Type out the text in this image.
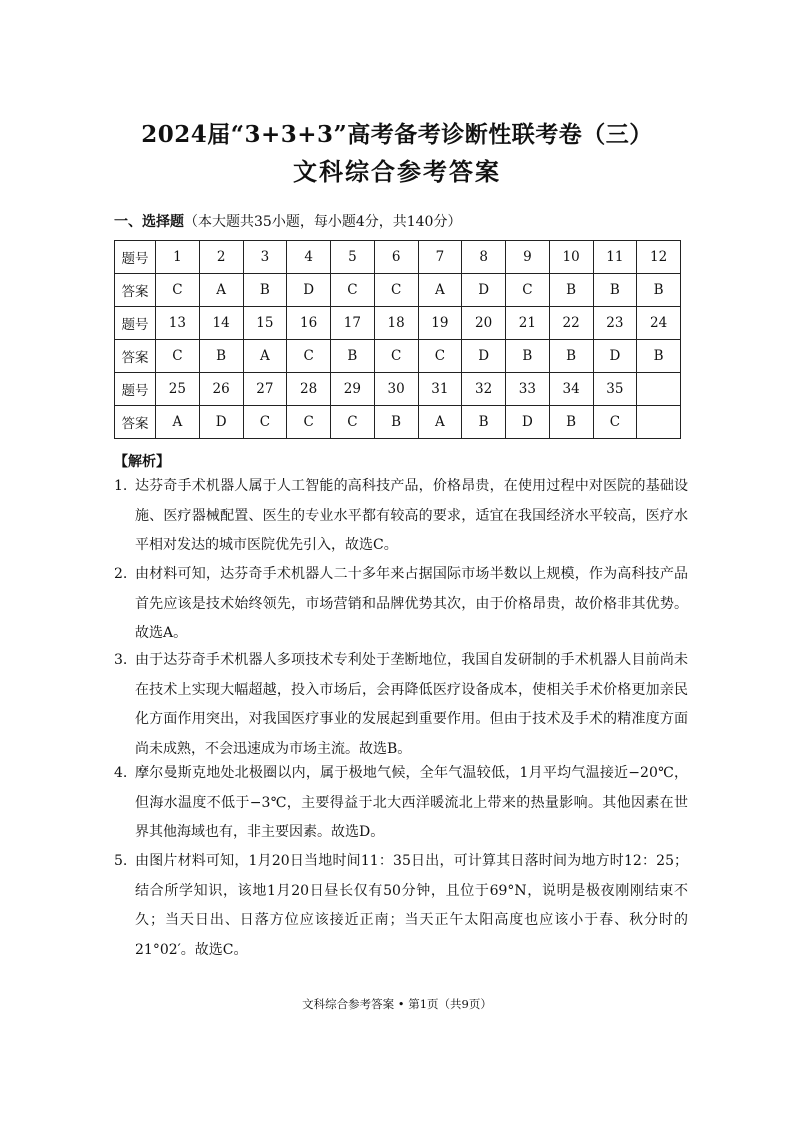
2024届“3+3+3”高考备考诊断性联考卷（三）
文科综合参考答案
一、选择题（本大题共35小题，每小题4分，共140分）
题号	1	2	3	4	5	6	7	8	9	10	11	12
答案	C	A	B	D	C	C	A	D	C	B	B	B
题号	13	14	15	16	17	18	19	20	21	22	23	24
答案	C	B	A	C	B	C	C	D	B	B	D	B
题号	25	26	27	28	29	30	31	32	33	34	35	
答案	A	D	C	C	C	B	A	B	D	B	C	
【解析】
1. 达芬奇手术机器人属于人工智能的高科技产品，价格昂贵，在使用过程中对医院的基础设施、医疗器械配置、医生的专业水平都有较高的要求，适宜在我国经济水平较高，医疗水平相对发达的城市医院优先引入，故选C。
2. 由材料可知，达芬奇手术机器人二十多年来占据国际市场半数以上规模，作为高科技产品首先应该是技术始终领先，市场营销和品牌优势其次，由于价格昂贵，故价格非其优势。故选A。
3. 由于达芬奇手术机器人多项技术专利处于垄断地位，我国自发研制的手术机器人目前尚未在技术上实现大幅超越，投入市场后，会再降低医疗设备成本，使相关手术价格更加亲民化方面作用突出，对我国医疗事业的发展起到重要作用。但由于技术及手术的精准度方面尚未成熟，不会迅速成为市场主流。故选B。
4. 摩尔曼斯克地处北极圈以内，属于极地气候，全年气温较低，1月平均气温接近−20℃，但海水温度不低于−3℃，主要得益于北大西洋暖流北上带来的热量影响。其他因素在世界其他海域也有，非主要因素。故选D。
5. 由图片材料可知，1月20日当地时间11：35日出，可计算其日落时间为地方时12：25；结合所学知识，该地1月20日昼长仅有50分钟，且位于69°N，说明是极夜刚刚结束不久；当天日出、日落方位应该接近正南；当天正午太阳高度也应该小于春、秋分时的21°02′。故选C。
文科综合参考答案 • 第1页（共9页）
